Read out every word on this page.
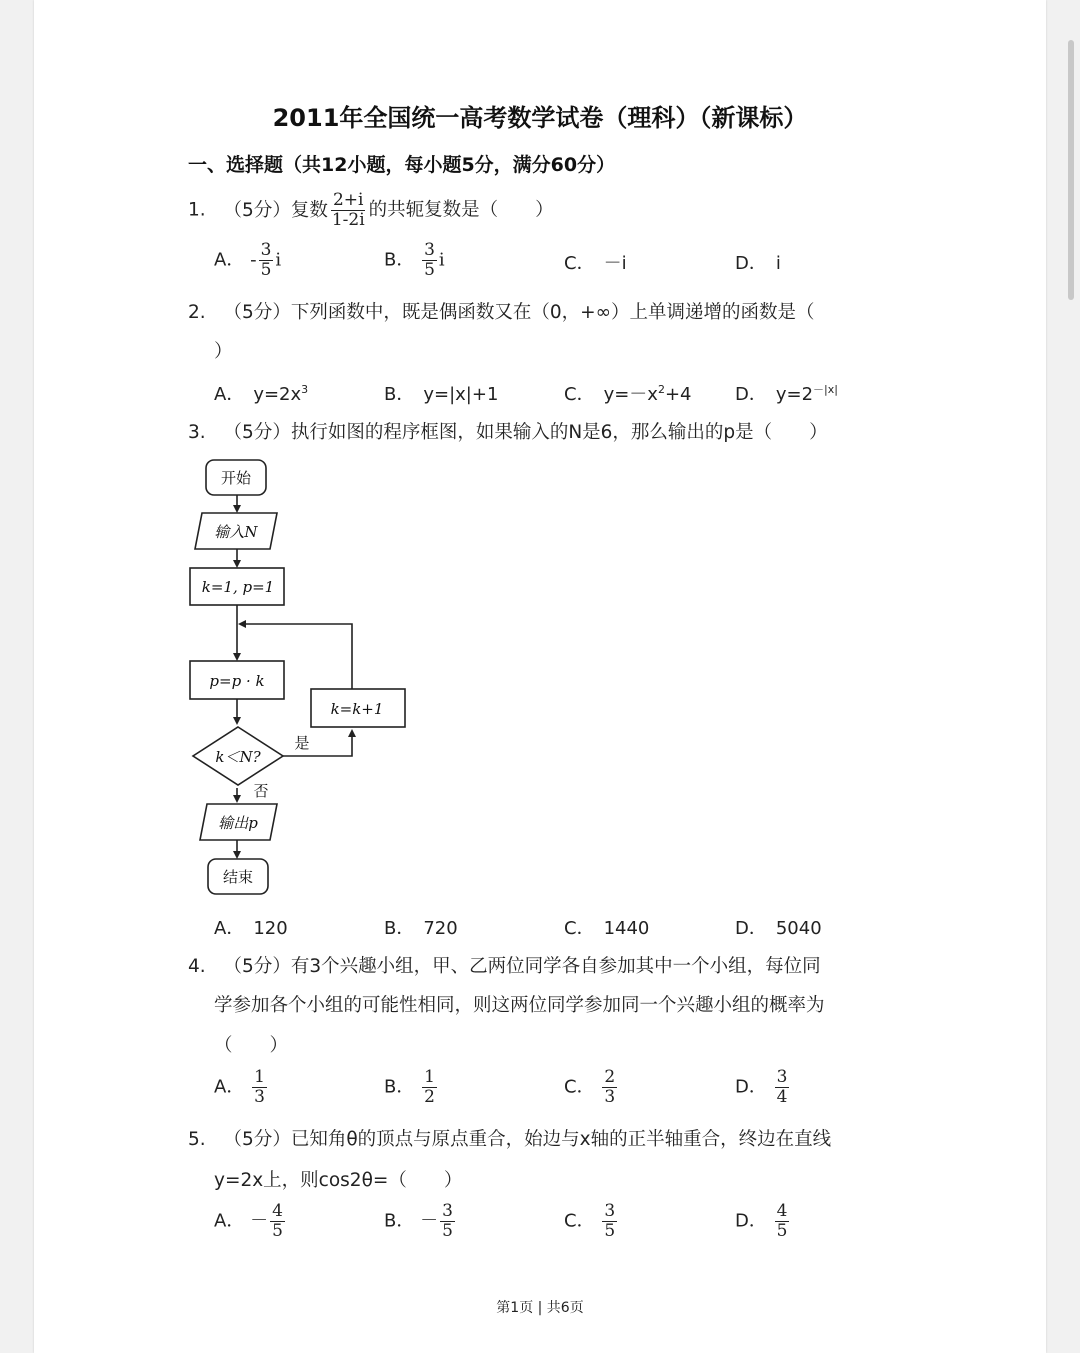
2011年全国统一高考数学试卷（理科）（新课标）
一、选择题（共12小题，每小题5分，满分60分）
1. （5分）复数 $\frac{2+i}{1-2i}$ 的共轭复数是（　　）
A． - $\frac{3}{5}$ i	B． $\frac{3}{5}$ i	C．　－i	D．　i
2. （5分）下列函数中，既是偶函数又在（0，+∞）上单调递增的函数是（
）
A．　$y=2x^3$	B．　y=|x|+1	C．　$y=-x^2+4$ D．　$y=2^{-|x|}$
3. （5分）执行如图的程序框图，如果输入的N是6，那么输出的p是（　　）
开始
输入N
k=1, p=1
p=p · k
k=k+1
k＜N?
是
否
输出p
结束
A．　120	B．　720	C．　1440	D．　5040
4. （5分）有3个兴趣小组，甲、乙两位同学各自参加其中一个小组，每位同
学参加各个小组的可能性相同，则这两位同学参加同一个兴趣小组的概率为
（　　）
A． $\frac{1}{3}$	B． $\frac{1}{2}$	C． $\frac{2}{3}$	D． $\frac{3}{4}$
5. （5分）已知角θ的顶点与原点重合，始边与x轴的正半轴重合，终边在直线
y=2x上，则cos2θ=（　　）
A． － $\frac{4}{5}$	B． － $\frac{3}{5}$	C． $\frac{3}{5}$	D． $\frac{4}{5}$
第1页 | 共6页
